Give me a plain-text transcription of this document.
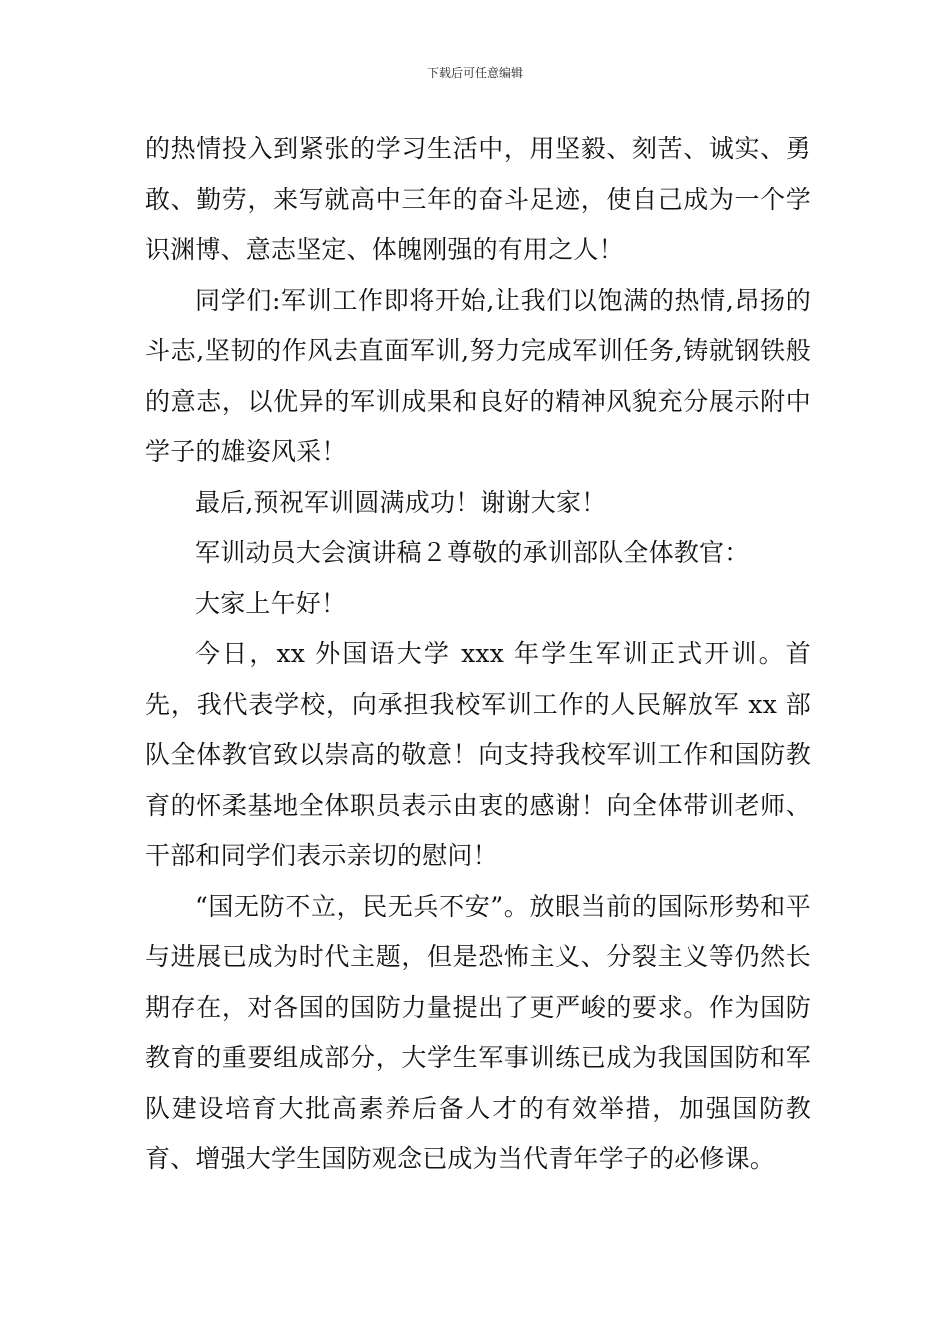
下载后可任意编辑

的热情投入到紧张的学习生活中，用坚毅、刻苦、诚实、勇敢、勤劳，来写就高中三年的奋斗足迹，使自己成为一个学识渊博、意志坚定、体魄刚强的有用之人！

同学们:军训工作即将开始,让我们以饱满的热情,昂扬的斗志,坚韧的作风去直面军训,努力完成军训任务,铸就钢铁般的意志，以优异的军训成果和良好的精神风貌充分展示附中学子的雄姿风采！

最后,预祝军训圆满成功！谢谢大家！

军训动员大会演讲稿２尊敬的承训部队全体教官：

大家上午好！

今日，xx 外国语大学 xxx 年学生军训正式开训。首先，我代表学校，向承担我校军训工作的人民解放军 xx 部队全体教官致以崇高的敬意！向支持我校军训工作和国防教育的怀柔基地全体职员表示由衷的感谢！向全体带训老师、干部和同学们表示亲切的慰问！

“国无防不立，民无兵不安”。放眼当前的国际形势和平与进展已成为时代主题，但是恐怖主义、分裂主义等仍然长期存在，对各国的国防力量提出了更严峻的要求。作为国防教育的重要组成部分，大学生军事训练已成为我国国防和军队建设培育大批高素养后备人才的有效举措，加强国防教育、增强大学生国防观念已成为当代青年学子的必修课。
